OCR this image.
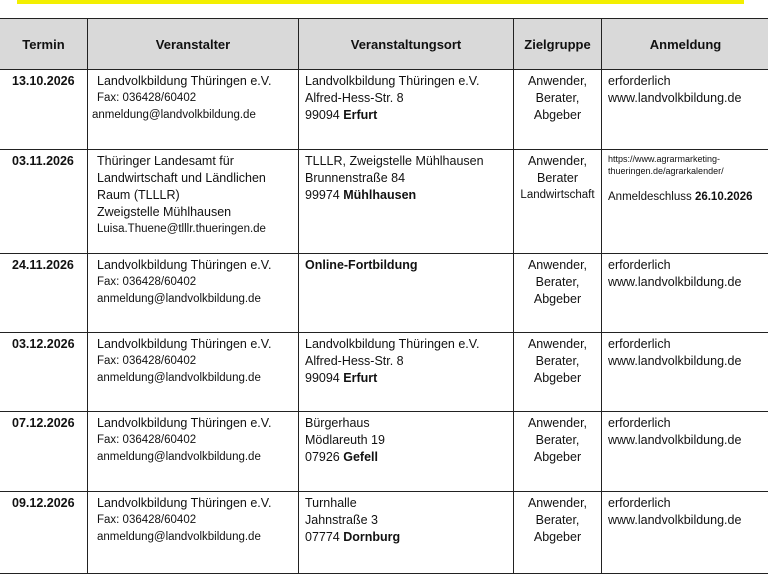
Termin	Veranstalter	Veranstaltungsort	Zielgruppe	Anmeldung
13.10.2026	Landvolkbildung Thüringen e.V.
Fax: 036428/60402
anmeldung@landvolkbildung.de	Landvolkbildung Thüringen e.V.
Alfred-Hess-Str. 8
99094 Erfurt	Anwender,
Berater,
Abgeber	erforderlich
www.landvolkbildung.de

03.11.2026	Thüringer Landesamt für
Landwirtschaft und Ländlichen
Raum (TLLLR)
Zweigstelle Mühlhausen
Luisa.Thuene@tlllr.thueringen.de	TLLLR, Zweigstelle Mühlhausen
Brunnenstraße 84
99974 Mühlhausen	Anwender,
Berater
Landwirtschaft	https://www.agrarmarketing-
thueringen.de/agrarkalender/
Anmeldeschluss 26.10.2026

24.11.2026	Landvolkbildung Thüringen e.V.
Fax: 036428/60402
anmeldung@landvolkbildung.de	Online-Fortbildung	Anwender,
Berater,
Abgeber	erforderlich
www.landvolkbildung.de

03.12.2026	Landvolkbildung Thüringen e.V.
Fax: 036428/60402
anmeldung@landvolkbildung.de	Landvolkbildung Thüringen e.V.
Alfred-Hess-Str. 8
99094 Erfurt	Anwender,
Berater,
Abgeber	erforderlich
www.landvolkbildung.de

07.12.2026	Landvolkbildung Thüringen e.V.
Fax: 036428/60402
anmeldung@landvolkbildung.de	Bürgerhaus
Mödlareuth 19
07926 Gefell	Anwender,
Berater,
Abgeber	erforderlich
www.landvolkbildung.de

09.12.2026	Landvolkbildung Thüringen e.V.
Fax: 036428/60402
anmeldung@landvolkbildung.de	Turnhalle
Jahnstraße 3
07774 Dornburg	Anwender,
Berater,
Abgeber	erforderlich
www.landvolkbildung.de
